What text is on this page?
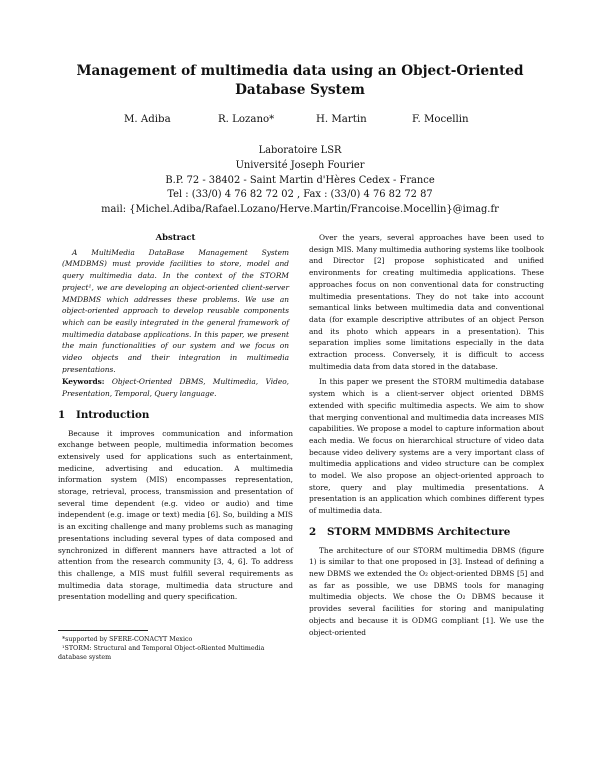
Management of multimedia data using an Object-Oriented Database System
M. Adiba	R. Lozano*	H. Martin	F. Mocellin
Laboratoire LSR
Université Joseph Fourier
B.P. 72 - 38402 - Saint Martin d'Hères Cedex - France
Tel : (33/0) 4 76 82 72 02 , Fax : (33/0) 4 76 82 72 87
mail: {Michel.Adiba/Rafael.Lozano/Herve.Martin/Francoise.Mocellin}@imag.fr
Abstract
A MultiMedia DataBase Management System (MMDBMS) must provide facilities to store, model and query multimedia data. In the context of the STORM project¹, we are developing an object-oriented client-server MMDBMS which addresses these problems. We use an object-oriented approach to develop reusable components which can be easily integrated in the general framework of multimedia database applications. In this paper, we present the main functionalities of our system and we focus on video objects and their integration in multimedia presentations.
Keywords: Object-Oriented DBMS, Multimedia, Video, Presentation, Temporal, Query language.
1 Introduction

Because it improves communication and information exchange between people, multimedia information becomes extensively used for applications such as entertainment, medicine, advertising and education. A multimedia information system (MIS) encompasses representation, storage, retrieval, process, transmission and presentation of several time dependent (e.g. video or audio) and time independent (e.g. image or text) media [6]. So, building a MIS is an exciting challenge and many problems such as managing presentations including several types of data composed and synchronized in different manners have attracted a lot of attention from the research community [3, 4, 6]. To address this challenge, a MIS must fulfill several requirements as multimedia data storage, multimedia data structure and presentation modelling and query specification.

*supported by SFERE-CONACYT Mexico
¹STORM: Structural and Temporal Object-oRiented Multimedia database system

Over the years, several approaches have been used to design MIS. Many multimedia authoring systems like toolbook and Director [2] propose sophisticated and unified environments for creating multimedia applications. These approaches focus on non conventional data for constructing multimedia presentations. They do not take into account semantical links between multimedia data and conventional data (for example descriptive attributes of an object Person and its photo which appears in a presentation). This separation implies some limitations especially in the data extraction process. Conversely, it is difficult to access multimedia data from data stored in the database.

In this paper we present the STORM multimedia database system which is a client-server object oriented DBMS extended with specific multimedia aspects. We aim to show that merging conventional and multimedia data increases MIS capabilities. We propose a model to capture information about each media. We focus on hierarchical structure of video data because video delivery systems are a very important class of multimedia applications and video structure can be complex to model. We also propose an object-oriented approach to store, query and play multimedia presentations. A presentation is an application which combines different types of multimedia data.

2 STORM MMDBMS Architecture

The architecture of our STORM multimedia DBMS (figure 1) is similar to that one proposed in [3]. Instead of defining a new DBMS we extended the O₂ object-oriented DBMS [5] and as far as possible, we use DBMS tools for managing multimedia objects. We chose the O₂ DBMS because it provides several facilities for storing and manipulating objects and because it is ODMG compliant [1]. We use the object-oriented
